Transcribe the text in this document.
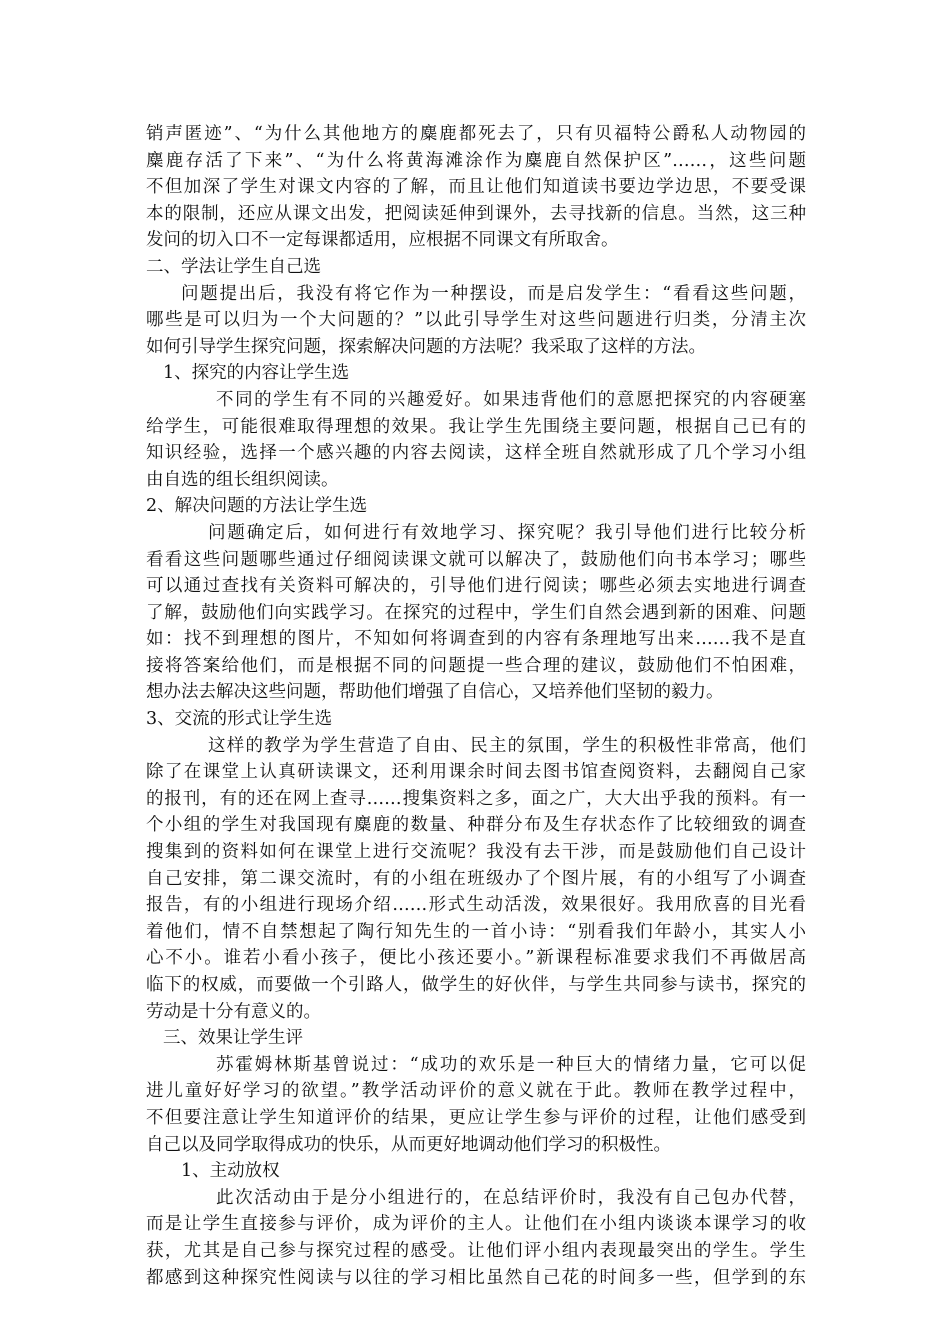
销声匿迹”、“为什么其他地方的麋鹿都死去了，只有贝福特公爵私人动物园的
麋鹿存活了下来”、“为什么将黄海滩涂作为麋鹿自然保护区”……，这些问题
不但加深了学生对课文内容的了解，而且让他们知道读书要边学边思，不要受课
本的限制，还应从课文出发，把阅读延伸到课外，去寻找新的信息。当然，这三种
发问的切入口不一定每课都适用，应根据不同课文有所取舍。
二、学法让学生自己选
问题提出后，我没有将它作为一种摆设，而是启发学生：“看看这些问题，
哪些是可以归为一个大问题的？”以此引导学生对这些问题进行归类，分清主次
如何引导学生探究问题，探索解决问题的方法呢？我采取了这样的方法。
1、探究的内容让学生选
不同的学生有不同的兴趣爱好。如果违背他们的意愿把探究的内容硬塞
给学生，可能很难取得理想的效果。我让学生先围绕主要问题，根据自己已有的
知识经验，选择一个感兴趣的内容去阅读，这样全班自然就形成了几个学习小组
由自选的组长组织阅读。
2、解决问题的方法让学生选
问题确定后，如何进行有效地学习、探究呢？我引导他们进行比较分析
看看这些问题哪些通过仔细阅读课文就可以解决了，鼓励他们向书本学习；哪些
可以通过查找有关资料可解决的，引导他们进行阅读；哪些必须去实地进行调查
了解，鼓励他们向实践学习。在探究的过程中，学生们自然会遇到新的困难、问题
如：找不到理想的图片，不知如何将调查到的内容有条理地写出来……我不是直
接将答案给他们，而是根据不同的问题提一些合理的建议，鼓励他们不怕困难，
想办法去解决这些问题，帮助他们增强了自信心，又培养他们坚韧的毅力。
3、交流的形式让学生选
这样的教学为学生营造了自由、民主的氛围，学生的积极性非常高，他们
除了在课堂上认真研读课文，还利用课余时间去图书馆查阅资料，去翻阅自己家
的报刊，有的还在网上查寻……搜集资料之多，面之广，大大出乎我的预料。有一
个小组的学生对我国现有麋鹿的数量、种群分布及生存状态作了比较细致的调查
搜集到的资料如何在课堂上进行交流呢？我没有去干涉，而是鼓励他们自己设计
自己安排，第二课交流时，有的小组在班级办了个图片展，有的小组写了小调查
报告，有的小组进行现场介绍……形式生动活泼，效果很好。我用欣喜的目光看
着他们，情不自禁想起了陶行知先生的一首小诗：“别看我们年龄小，其实人小
心不小。谁若小看小孩子，便比小孩还要小。”新课程标准要求我们不再做居高
临下的权威，而要做一个引路人，做学生的好伙伴，与学生共同参与读书，探究的
劳动是十分有意义的。
三、效果让学生评
苏霍姆林斯基曾说过：“成功的欢乐是一种巨大的情绪力量，它可以促
进儿童好好学习的欲望。”教学活动评价的意义就在于此。教师在教学过程中，
不但要注意让学生知道评价的结果，更应让学生参与评价的过程，让他们感受到
自己以及同学取得成功的快乐，从而更好地调动他们学习的积极性。
1、主动放权
此次活动由于是分小组进行的，在总结评价时，我没有自己包办代替，
而是让学生直接参与评价，成为评价的主人。让他们在小组内谈谈本课学习的收
获，尤其是自己参与探究过程的感受。让他们评小组内表现最突出的学生。学生
都感到这种探究性阅读与以往的学习相比虽然自己花的时间多一些，但学到的东
